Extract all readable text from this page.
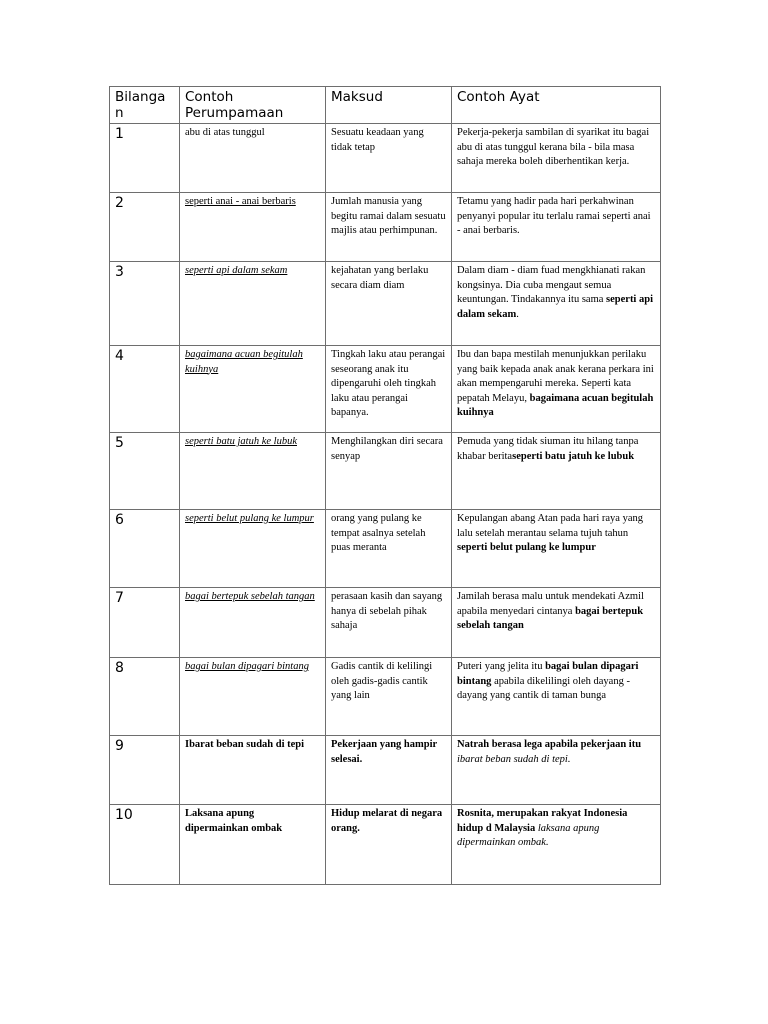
Bilanga n	Contoh Perumpamaan	Maksud	Contoh Ayat
1	abu di atas tunggul	Sesuatu keadaan yang tidak tetap	Pekerja-pekerja sambilan di syarikat itu bagai abu di atas tunggul kerana bila - bila masa sahaja mereka boleh diberhentikan kerja.
2	seperti anai - anai berbaris	Jumlah manusia yang begitu ramai dalam sesuatu majlis atau perhimpunan.	Tetamu yang hadir pada hari perkahwinan penyanyi popular itu terlalu ramai seperti anai - anai berbaris.
3	seperti api dalam sekam	kejahatan yang berlaku secara diam diam	Dalam diam - diam fuad mengkhianati rakan kongsinya. Dia cuba mengaut semua keuntungan. Tindakannya itu sama seperti api dalam sekam.
4	bagaimana acuan begitulah kuihnya	Tingkah laku atau perangai seseorang anak itu dipengaruhi oleh tingkah laku atau perangai bapanya.	Ibu dan bapa mestilah menunjukkan perilaku yang baik kepada anak anak kerana perkara ini akan mempengaruhi mereka. Seperti kata pepatah Melayu, bagaimana acuan begitulah kuihnya
5	seperti batu jatuh ke lubuk	Menghilangkan diri secara senyap	Pemuda yang tidak siuman itu hilang tanpa khabar beritaseperti batu jatuh ke lubuk
6	seperti belut pulang ke lumpur	orang yang pulang ke tempat asalnya setelah puas meranta	Kepulangan abang Atan pada hari raya yang lalu setelah merantau selama tujuh tahun seperti belut pulang ke lumpur
7	bagai bertepuk sebelah tangan	perasaan kasih dan sayang hanya di sebelah pihak sahaja	Jamilah berasa malu untuk mendekati Azmil apabila menyedari cintanya bagai bertepuk sebelah tangan
8	bagai bulan dipagari bintang	Gadis cantik di kelilingi oleh gadis-gadis cantik yang lain	Puteri yang jelita itu bagai bulan dipagari bintang apabila dikelilingi oleh dayang - dayang yang cantik di taman bunga
9	Ibarat beban sudah di tepi	Pekerjaan yang hampir selesai.	Natrah berasa lega apabila pekerjaan itu ibarat beban sudah di tepi.
10	Laksana apung dipermainkan ombak	Hidup melarat di negara orang.	Rosnita, merupakan rakyat Indonesia hidup d Malaysia laksana apung dipermainkan ombak.
